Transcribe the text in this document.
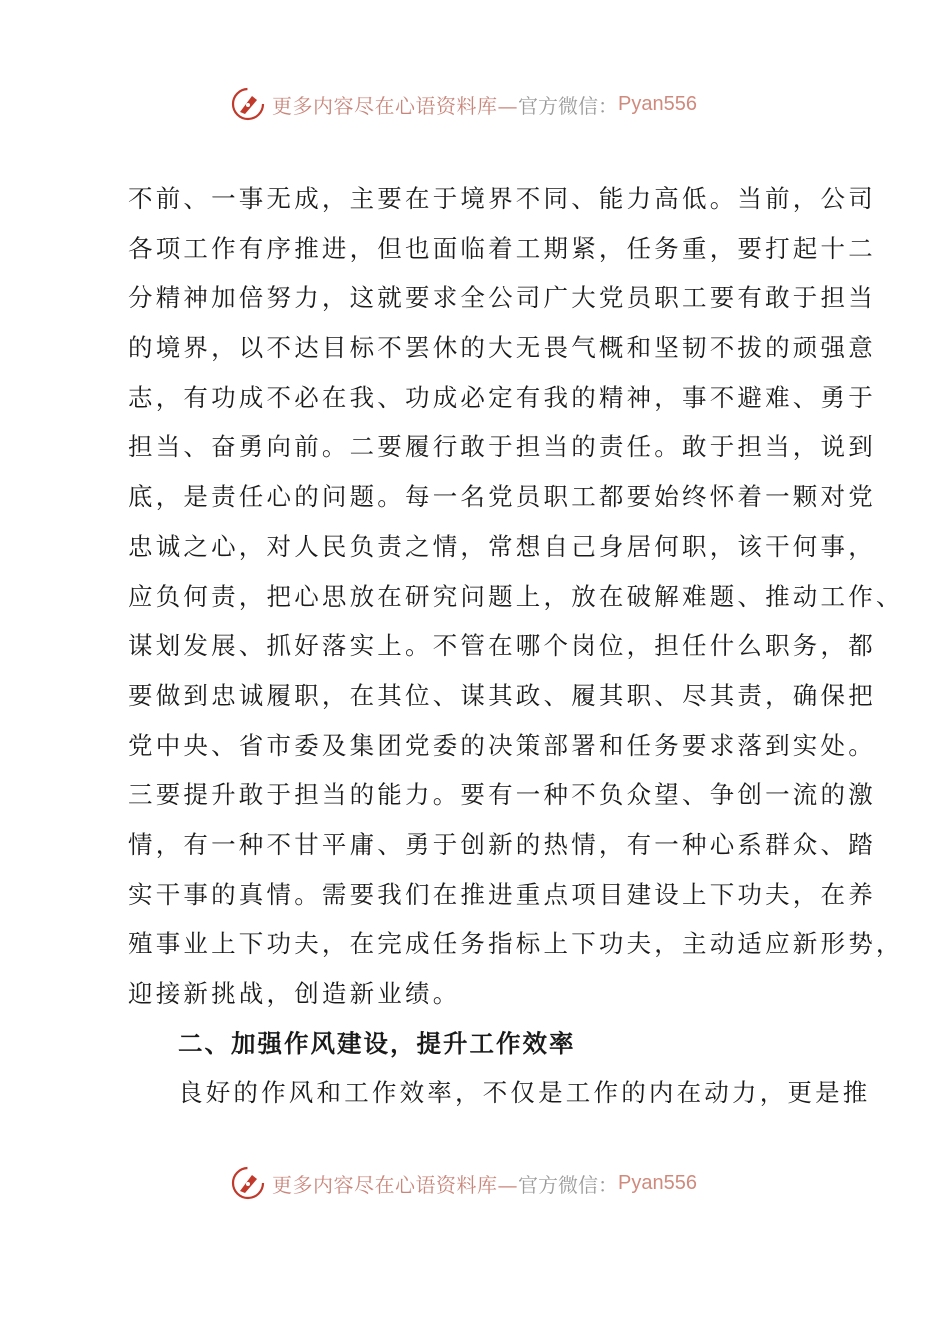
更多内容尽在心语资料库— 官方微信： Pyan556
不前、一事无成，主要在于境界不同、能力高低。当前，公司
各项工作有序推进，但也面临着工期紧，任务重，要打起十二
分精神加倍努力，这就要求全公司广大党员职工要有敢于担当
的境界，以不达目标不罢休的大无畏气概和坚韧不拔的顽强意
志，有功成不必在我、功成必定有我的精神，事不避难、勇于
担当、奋勇向前。二要履行敢于担当的责任。敢于担当，说到
底，是责任心的问题。每一名党员职工都要始终怀着一颗对党
忠诚之心，对人民负责之情，常想自己身居何职，该干何事，
应负何责，把心思放在研究问题上，放在破解难题、推动工作、
谋划发展、抓好落实上。不管在哪个岗位，担任什么职务，都
要做到忠诚履职，在其位、谋其政、履其职、尽其责，确保把
党中央、省市委及集团党委的决策部署和任务要求落到实处。
三要提升敢于担当的能力。要有一种不负众望、争创一流的激
情，有一种不甘平庸、勇于创新的热情，有一种心系群众、踏
实干事的真情。需要我们在推进重点项目建设上下功夫，在养
殖事业上下功夫，在完成任务指标上下功夫，主动适应新形势，
迎接新挑战，创造新业绩。
二、加强作风建设，提升工作效率
良好的作风和工作效率，不仅是工作的内在动力，更是推
更多内容尽在心语资料库— 官方微信： Pyan556
